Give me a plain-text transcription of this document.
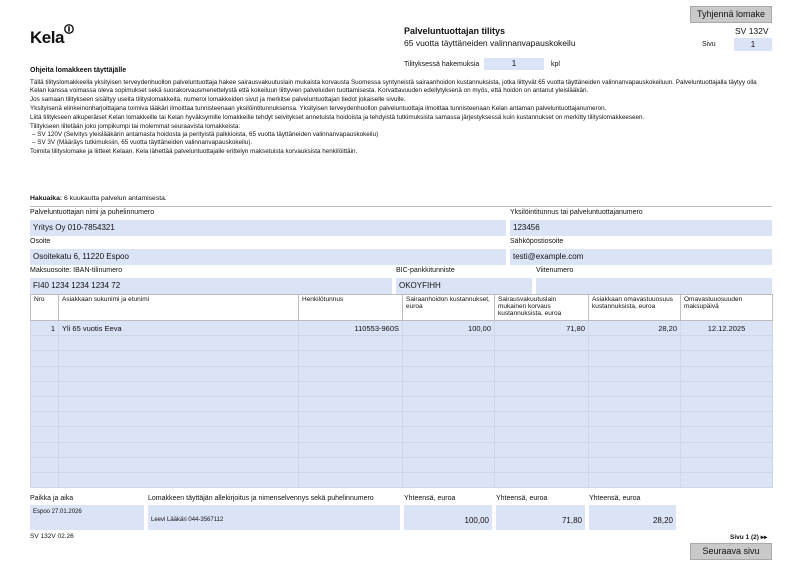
Tyhjennä lomake
SV 132V
Sivu	1
Kela	Palveluntuottajan tilitys
65 vuotta täyttäneiden valinnanvapauskokeilu
Tilityksessä hakemuksia	1	kpl
Ohjeita lomakkeen täyttäjälle

Tällä tilityslomakkeella yksityisen terveydenhuollon palveluntuottaja hakee sairausvakuutuslain mukaista korvausta Suomessa syntyneistä sairaanhoidon kustannuksista, jotka liittyvät 65 vuotta täyttäneiden valinnanvapauskokeiluun. Palveluntuottajalla täytyy olla Kelan kanssa voimassa oleva sopimukset sekä suorakorvausmenettelystä että kokeiluun liittyvien palveluiden tuottamisesta. Korvattavuuden edellytyksenä on myös, että hoidon on antanut yleislääkäri.

Jos samaan tilitykseen sisältyy useita tilityslomakkeita, numeroi lomakkeiden sivut ja merkitse palveluntuottajan tiedot jokaiselle sivulle.

Yksityisenä elinkeinonharjoittajana toimiva lääkäri ilmoittaa tunnisteenaan yksilöintitunnuksensa. Yksityisen terveydenhuollon palveluntuottaja ilmoittaa tunnisteenaan Kelan antaman palveluntuottajanumeron.

Liitä tilitykseen alkuperäiset Kelan lomakkeille tai Kelan hyväksymille lomakkeille tehdyt selvitykset annetuista hoidoista ja tehdyistä tutkimuksista samassa järjestyksessä kuin kustannukset on merkitty tilityslomakkeeseen.

Tilitykseen liitetään joko jompikumpi tai molemmat seuraavista lomakkeista:

– SV 120V (Selvitys yleislääkärin antamasta hoidosta ja perityistä palkkioista, 65 vuotta täyttäneiden valinnanvapauskokeilu)

– SV 3V (Määräys tutkimuksiin, 65 vuotta täyttäneiden valinnanvapauskokeilu).

Toimita tilityslomake ja liitteet Kelaan. Kela lähettää palveluntuottajalle erittelyn maksetuista korvauksista henkilöittäin.

Hakuaika: 6 kuukautta palvelun antamisesta.
Palveluntuottajan nimi ja puhelinnumero	Yksilöintitunnus tai palveluntuottajanumero
Yritys Oy 010-7854321	123456
Osoite	Sähköpostiosoite
Osoitekatu 6, 11220 Espoo	testi@example.com
Maksuosoite: IBAN-tilinumero	BIC-pankkitunniste	Viitenumero
FI40 1234 1234 1234 72	OKOYFIHH
Nro	Asiakkaan sukunimi ja etunimi	Henkilötunnus	Sairaanhoidon kustannukset, euroa	Sairausvakuutuslain mukainen korvaus kustannuksista, euroa	Asiakkaan omavastuuosuus kustannuksista, euroa	Omavastuuosuuden maksupäivä
1	Yli 65 vuotis Eeva	110553-960S	100,00	71,80	28,20	12.12.2025

Paikka ja aika	Lomakkeen täyttäjän allekirjoitus ja nimenselvennys sekä puhelinnumero	Yhteensä, euroa	Yhteensä, euroa	Yhteensä, euroa
Espoo 27.01.2026
Leevi Lääkäri 044-3567112	100,00	71,80	28,20
SV 132V 02.26	Sivu 1 (2) ▸▸
Seuraava sivu
